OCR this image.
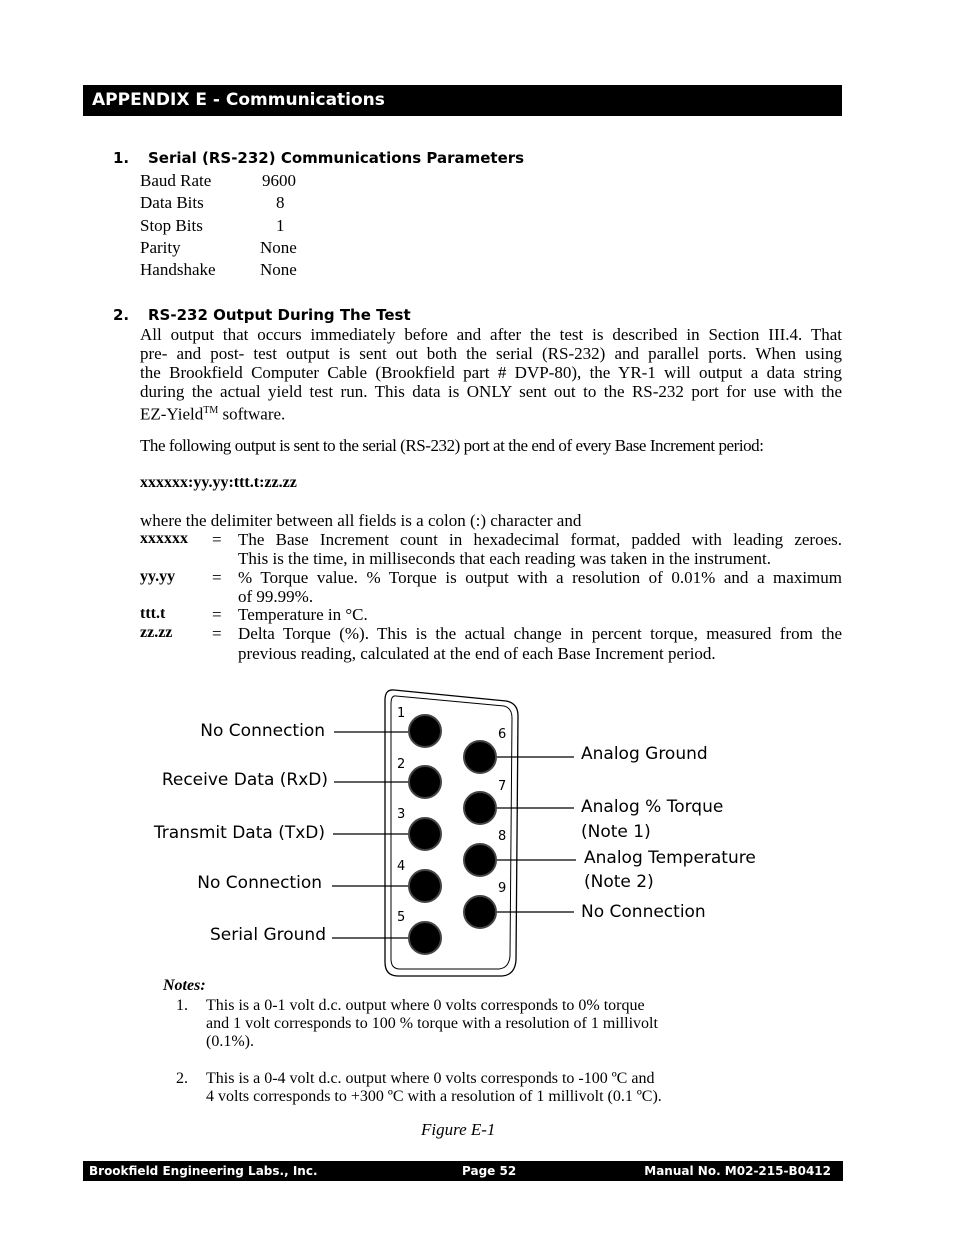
APPENDIX E - Communications
1. Serial (RS-232) Communications Parameters
Baud Rate	9600
Data Bits	8
Stop Bits	1
Parity	None
Handshake	None
2. RS-232 Output During The Test
All output that occurs immediately before and after the test is described in Section III.4. That
pre- and post- test output is sent out both the serial (RS-232) and parallel ports. When using
the Brookfield Computer Cable (Brookfield part # DVP-80), the YR-1 will output a data string
during the actual yield test run. This data is ONLY sent out to the RS-232 port for use with the
EZ-Yield™ software.
The following output is sent to the serial (RS-232) port at the end of every Base Increment period:
xxxxxx:yy.yy:ttt.t:zz.zz
where the delimiter between all fields is a colon (:) character and
xxxxxx = The Base Increment count in hexadecimal format, padded with leading zeroes.
This is the time, in milliseconds that each reading was taken in the instrument.
yy.yy = % Torque value. % Torque is output with a resolution of 0.01% and a maximum
of 99.99%.
ttt.t	= Temperature in °C.
zz.zz = Delta Torque (%). This is the actual change in percent torque, measured from the
previous reading, calculated at the end of each Base Increment period.
1
2
3
4
5
6
7
8
9
No Connection
Receive Data (RxD)
Transmit Data (TxD)
No Connection
Serial Ground
Analog Ground
Analog % Torque
(Note 1)
Analog Temperature
(Note 2)
No Connection
Notes:
1. This is a 0-1 volt d.c. output where 0 volts corresponds to 0% torque
and 1 volt corresponds to 100 % torque with a resolution of 1 millivolt
(0.1%).
2. This is a 0-4 volt d.c. output where 0 volts corresponds to -100 ºC and
4 volts corresponds to +300 ºC with a resolution of 1 millivolt (0.1 ºC).
Figure E-1
Brookfield Engineering Labs., Inc.	Page 52	Manual No. M02-215-B0412
